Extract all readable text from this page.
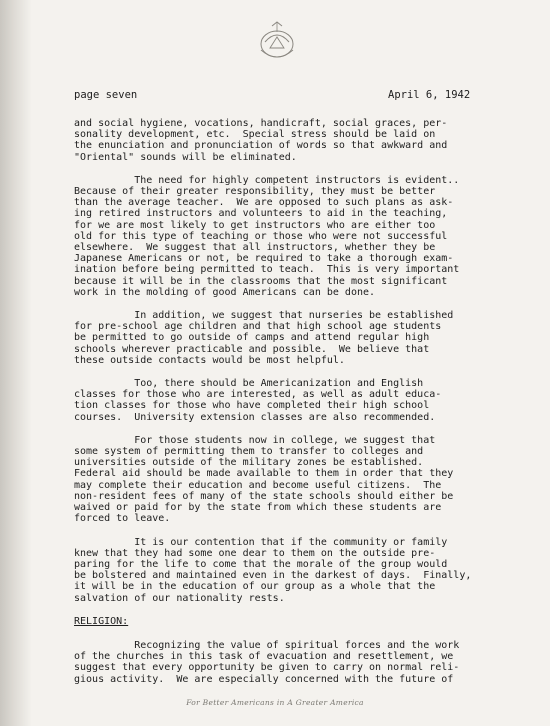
page seven	April 6, 1942

and social hygiene, vocations, handicraft, social graces, per-
sonality development, etc.  Special stress should be laid on
the enunciation and pronunciation of words so that awkward and
"Oriental" sounds will be eliminated.

The need for highly competent instructors is evident..
Because of their greater responsibility, they must be better
than the average teacher.  We are opposed to such plans as ask-
ing retired instructors and volunteers to aid in the teaching,
for we are most likely to get instructors who are either too
old for this type of teaching or those who were not successful
elsewhere.  We suggest that all instructors, whether they be
Japanese Americans or not, be required to take a thorough exam-
ination before being permitted to teach.  This is very important
because it will be in the classrooms that the most significant
work in the molding of good Americans can be done.

In addition, we suggest that nurseries be established
for pre-school age children and that high school age students
be permitted to go outside of camps and attend regular high
schools wherever practicable and possible.  We believe that
these outside contacts would be most helpful.

Too, there should be Americanization and English
classes for those who are interested, as well as adult educa-
tion classes for those who have completed their high school
courses.  University extension classes are also recommended.

For those students now in college, we suggest that
some system of permitting them to transfer to colleges and
universities outside of the military zones be established.
Federal aid should be made available to them in order that they
may complete their education and become useful citizens.  The
non-resident fees of many of the state schools should either be
waived or paid for by the state from which these students are
forced to leave.

It is our contention that if the community or family
knew that they had some one dear to them on the outside pre-
paring for the life to come that the morale of the group would
be bolstered and maintained even in the darkest of days.  Finally,
it will be in the education of our group as a whole that the
salvation of our nationality rests.

RELIGION:

Recognizing the value of spiritual forces and the work
of the churches in this task of evacuation and resettlement, we
suggest that every opportunity be given to carry on normal reli-
gious activity.  We are especially concerned with the future of

For Better Americans in A Greater America
